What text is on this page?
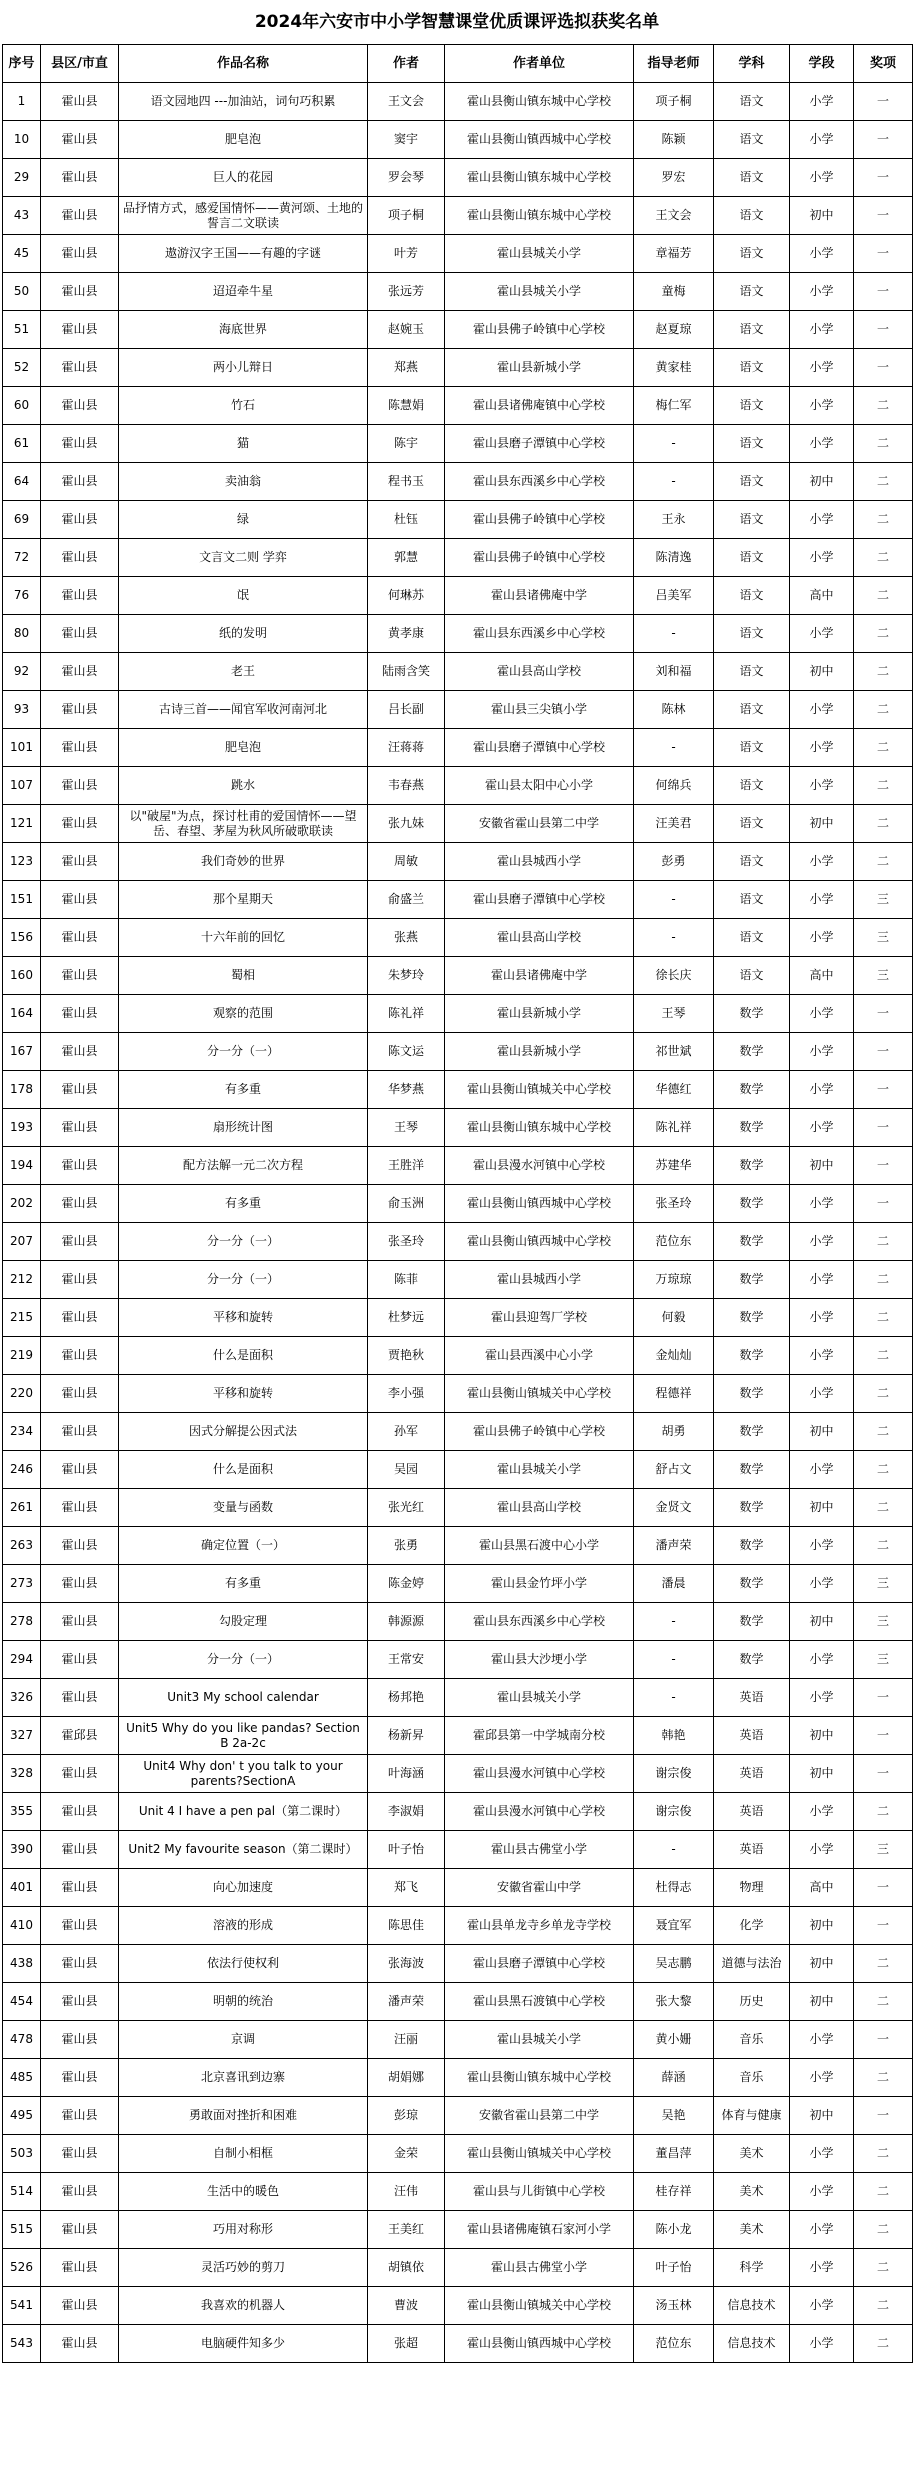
2024年六安市中小学智慧课堂优质课评选拟获奖名单
序号	县区/市直	作品名称	作者	作者单位	指导老师	学科	学段	奖项
1	霍山县	语文园地四 ---加油站，词句巧积累	王文会	霍山县衡山镇东城中心学校	项子桐	语文	小学	一
10	霍山县	肥皂泡	窦宇	霍山县衡山镇西城中心学校	陈颖	语文	小学	一
29	霍山县	巨人的花园	罗会琴	霍山县衡山镇东城中心学校	罗宏	语文	小学	一
43	霍山县	品抒情方式，感爱国情怀——黄河颂、土地的誓言二文联读	项子桐	霍山县衡山镇东城中心学校	王文会	语文	初中	一
45	霍山县	遨游汉字王国——有趣的字谜	叶芳	霍山县城关小学	章福芳	语文	小学	一
50	霍山县	迢迢牵牛星	张远芳	霍山县城关小学	童梅	语文	小学	一
51	霍山县	海底世界	赵婉玉	霍山县佛子岭镇中心学校	赵夏琼	语文	小学	一
52	霍山县	两小儿辩日	郑燕	霍山县新城小学	黄家桂	语文	小学	一
60	霍山县	竹石	陈慧娟	霍山县诸佛庵镇中心学校	梅仁军	语文	小学	二
61	霍山县	猫	陈宇	霍山县磨子潭镇中心学校	-	语文	小学	二
64	霍山县	卖油翁	程书玉	霍山县东西溪乡中心学校	-	语文	初中	二
69	霍山县	绿	杜钰	霍山县佛子岭镇中心学校	王永	语文	小学	二
72	霍山县	文言文二则 学弈	郭慧	霍山县佛子岭镇中心学校	陈清逸	语文	小学	二
76	霍山县	氓	何琳苏	霍山县诸佛庵中学	吕美军	语文	高中	二
80	霍山县	纸的发明	黄孝康	霍山县东西溪乡中心学校	-	语文	小学	二
92	霍山县	老王	陆雨含笑	霍山县高山学校	刘和福	语文	初中	二
93	霍山县	古诗三首——闻官军收河南河北	吕长副	霍山县三尖镇小学	陈林	语文	小学	二
101	霍山县	肥皂泡	汪蒋蒋	霍山县磨子潭镇中心学校	-	语文	小学	二
107	霍山县	跳水	韦春燕	霍山县太阳中心小学	何绵兵	语文	小学	二
121	霍山县	以"破屋"为点，探讨杜甫的爱国情怀——望岳、春望、茅屋为秋风所破歌联读	张九妹	安徽省霍山县第二中学	汪美君	语文	初中	二
123	霍山县	我们奇妙的世界	周敏	霍山县城西小学	彭勇	语文	小学	二
151	霍山县	那个星期天	俞盛兰	霍山县磨子潭镇中心学校	-	语文	小学	三
156	霍山县	十六年前的回忆	张燕	霍山县高山学校	-	语文	小学	三
160	霍山县	蜀相	朱梦玲	霍山县诸佛庵中学	徐长庆	语文	高中	三
164	霍山县	观察的范围	陈礼祥	霍山县新城小学	王琴	数学	小学	一
167	霍山县	分一分（一）	陈文运	霍山县新城小学	祁世斌	数学	小学	一
178	霍山县	有多重	华梦燕	霍山县衡山镇城关中心学校	华德红	数学	小学	一
193	霍山县	扇形统计图	王琴	霍山县衡山镇东城中心学校	陈礼祥	数学	小学	一
194	霍山县	配方法解一元二次方程	王胜洋	霍山县漫水河镇中心学校	苏建华	数学	初中	一
202	霍山县	有多重	俞玉洲	霍山县衡山镇西城中心学校	张圣玲	数学	小学	一
207	霍山县	分一分（一）	张圣玲	霍山县衡山镇西城中心学校	范位东	数学	小学	二
212	霍山县	分一分（一）	陈菲	霍山县城西小学	万琼琼	数学	小学	二
215	霍山县	平移和旋转	杜梦远	霍山县迎驾厂学校	何毅	数学	小学	二
219	霍山县	什么是面积	贾艳秋	霍山县西溪中心小学	金灿灿	数学	小学	二
220	霍山县	平移和旋转	李小强	霍山县衡山镇城关中心学校	程德祥	数学	小学	二
234	霍山县	因式分解提公因式法	孙军	霍山县佛子岭镇中心学校	胡勇	数学	初中	二
246	霍山县	什么是面积	吴园	霍山县城关小学	舒占文	数学	小学	二
261	霍山县	变量与函数	张光红	霍山县高山学校	金贤文	数学	初中	二
263	霍山县	确定位置（一）	张勇	霍山县黑石渡中心小学	潘声荣	数学	小学	二
273	霍山县	有多重	陈金婷	霍山县金竹坪小学	潘晨	数学	小学	三
278	霍山县	勾股定理	韩源源	霍山县东西溪乡中心学校	-	数学	初中	三
294	霍山县	分一分（一）	王常安	霍山县大沙埂小学	-	数学	小学	三
326	霍山县	Unit3 My school calendar	杨邦艳	霍山县城关小学	-	英语	小学	一
327	霍邱县	Unit5 Why do you like pandas? Section B 2a-2c	杨新昇	霍邱县第一中学城南分校	韩艳	英语	初中	一
328	霍山县	Unit4 Why don' t you talk to your parents?SectionA	叶海涵	霍山县漫水河镇中心学校	谢宗俊	英语	初中	一
355	霍山县	Unit 4 I have a pen pal（第二课时）	李淑娟	霍山县漫水河镇中心学校	谢宗俊	英语	小学	二
390	霍山县	Unit2 My favourite season（第二课时）	叶子怡	霍山县古佛堂小学	-	英语	小学	三
401	霍山县	向心加速度	郑飞	安徽省霍山中学	杜得志	物理	高中	一
410	霍山县	溶液的形成	陈思佳	霍山县单龙寺乡单龙寺学校	聂宜军	化学	初中	一
438	霍山县	依法行使权利	张海波	霍山县磨子潭镇中心学校	吴志鹏	道德与法治	初中	二
454	霍山县	明朝的统治	潘声荣	霍山县黑石渡镇中心学校	张大黎	历史	初中	二
478	霍山县	京调	汪丽	霍山县城关小学	黄小姗	音乐	小学	一
485	霍山县	北京喜讯到边寨	胡娟娜	霍山县衡山镇东城中心学校	薛涵	音乐	小学	二
495	霍山县	勇敢面对挫折和困难	彭琼	安徽省霍山县第二中学	吴艳	体育与健康	初中	一
503	霍山县	自制小相框	金荣	霍山县衡山镇城关中心学校	董昌萍	美术	小学	二
514	霍山县	生活中的暖色	汪伟	霍山县与儿街镇中心学校	桂存祥	美术	小学	二
515	霍山县	巧用对称形	王美红	霍山县诸佛庵镇石家河小学	陈小龙	美术	小学	二
526	霍山县	灵活巧妙的剪刀	胡镇依	霍山县古佛堂小学	叶子怡	科学	小学	二
541	霍山县	我喜欢的机器人	曹波	霍山县衡山镇城关中心学校	汤玉林	信息技术	小学	二
543	霍山县	电脑硬件知多少	张超	霍山县衡山镇西城中心学校	范位东	信息技术	小学	二
